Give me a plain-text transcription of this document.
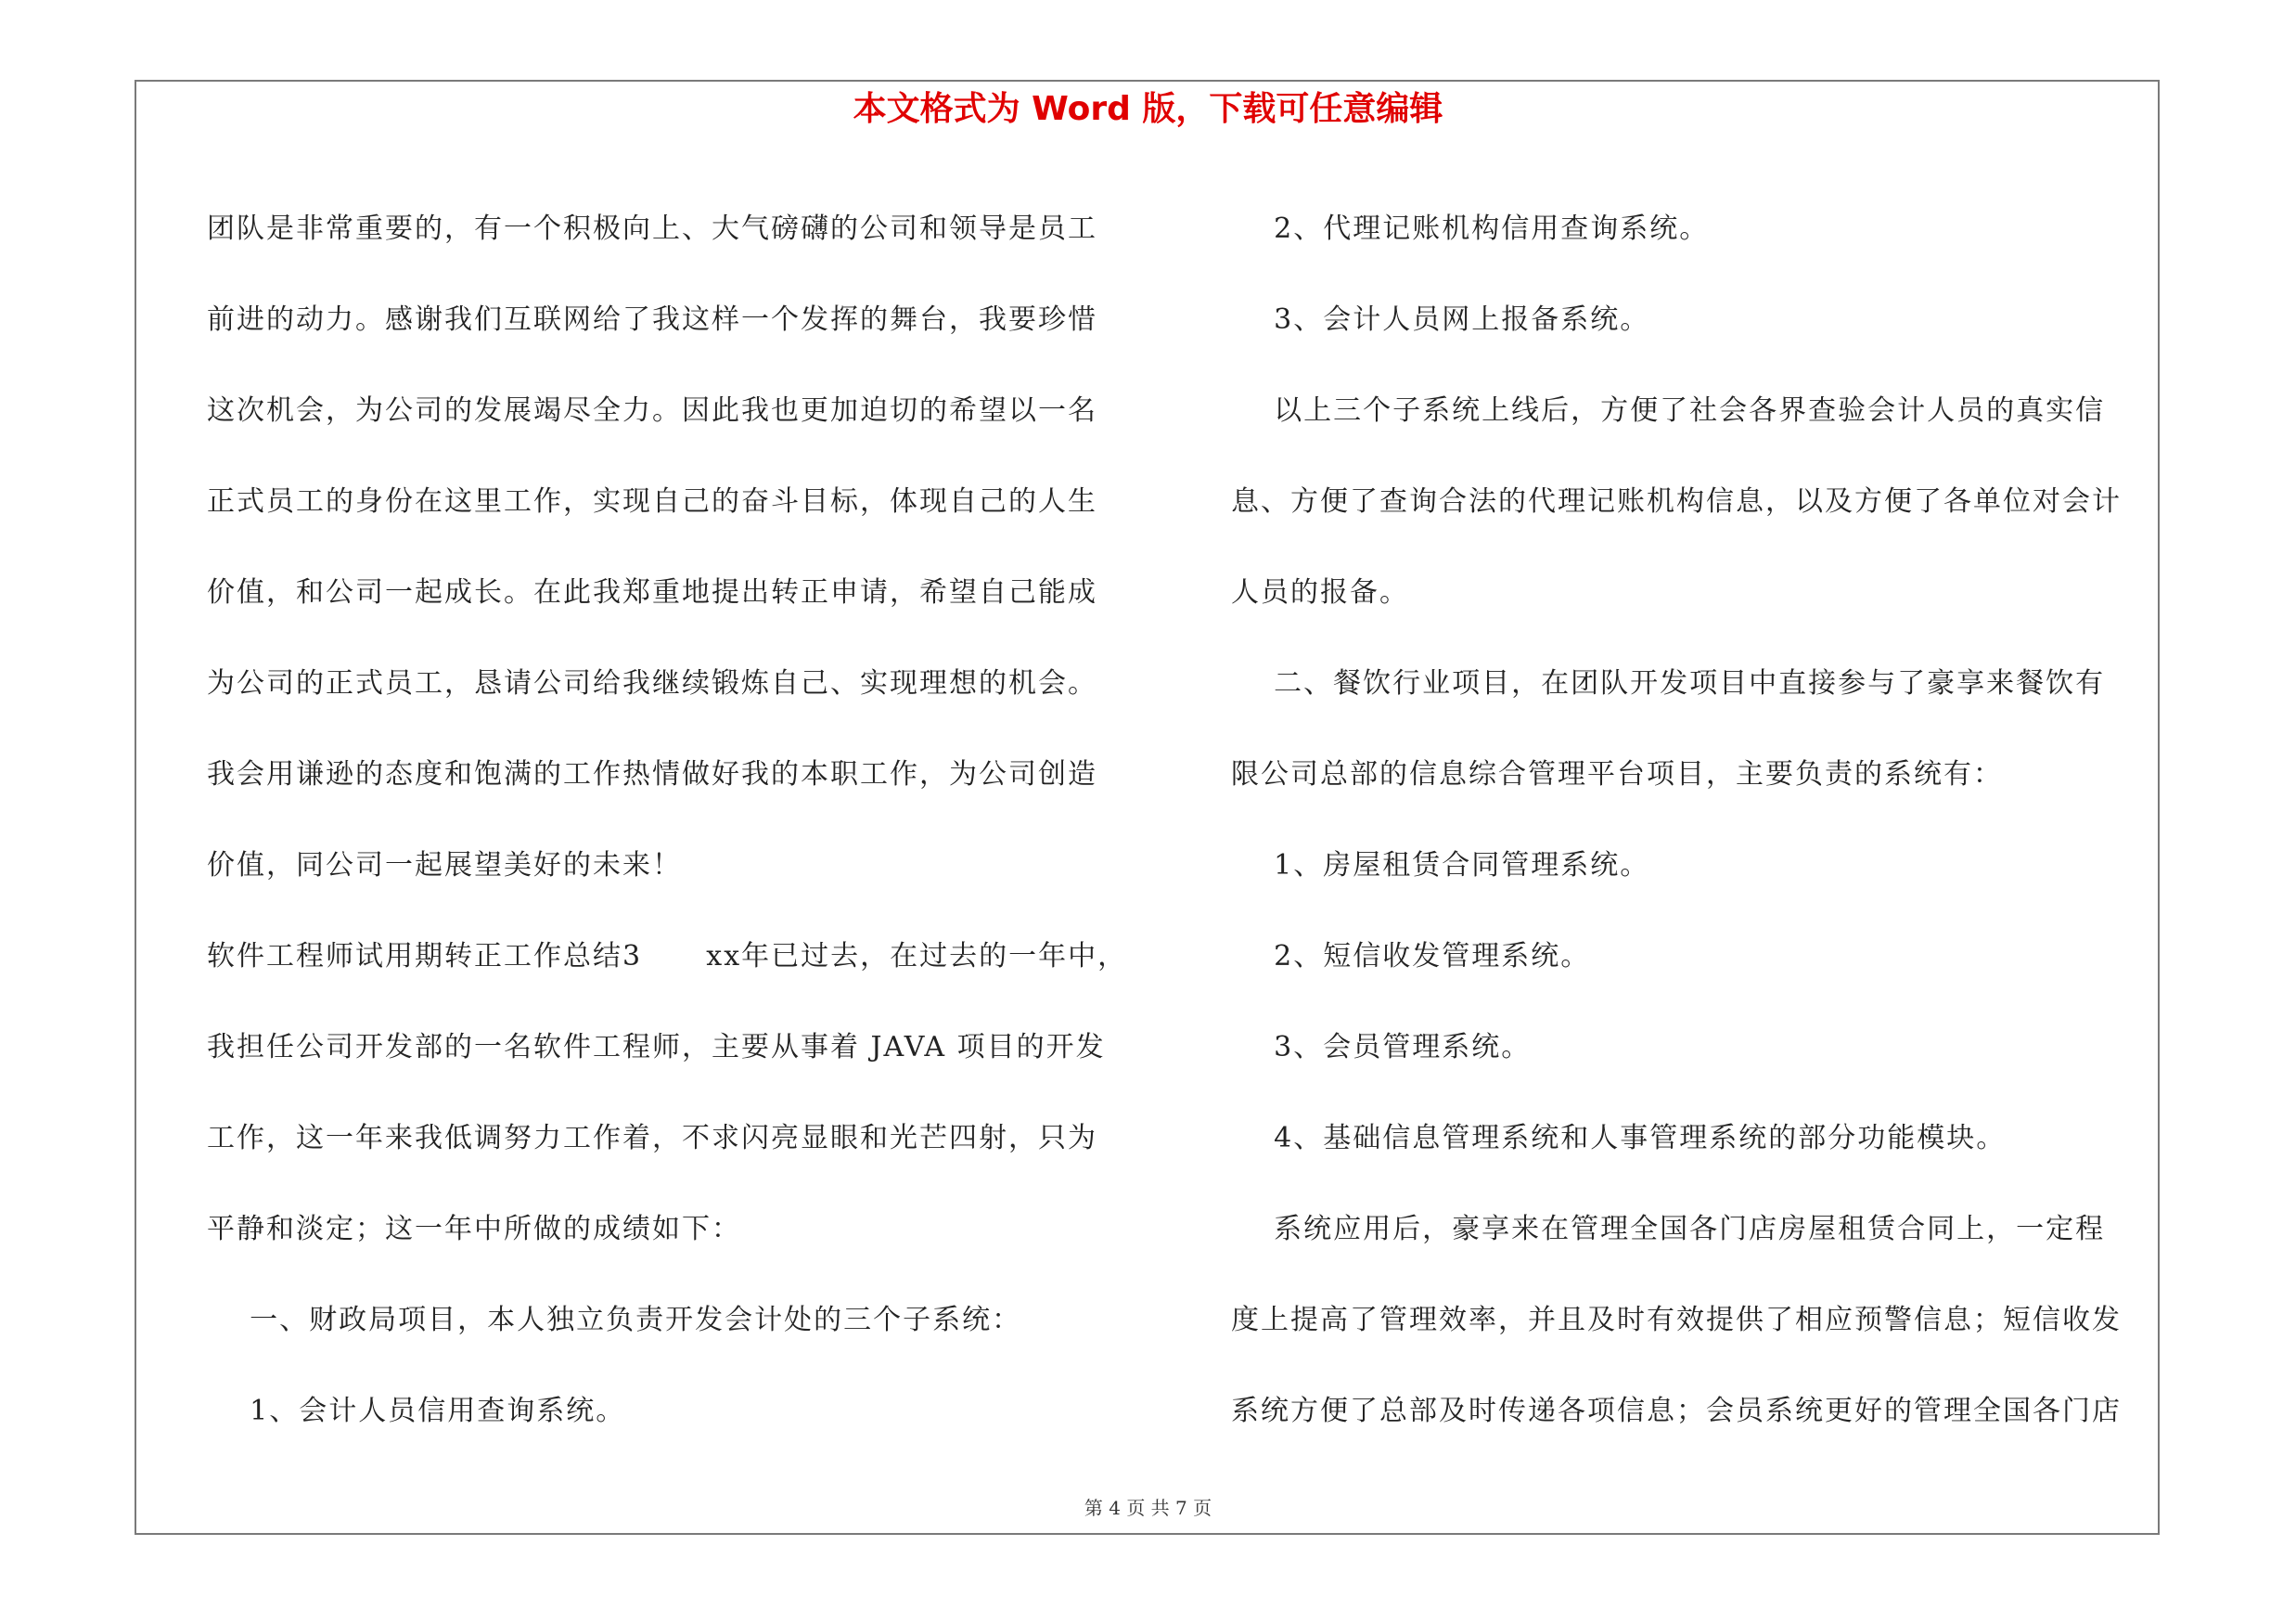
本文格式为 Word 版，下载可任意编辑
团队是非常重要的，有一个积极向上、大气磅礴的公司和领导是员工
前进的动力。感谢我们互联网给了我这样一个发挥的舞台，我要珍惜
这次机会，为公司的发展竭尽全力。因此我也更加迫切的希望以一名
正式员工的身份在这里工作，实现自己的奋斗目标，体现自己的人生
价值，和公司一起成长。在此我郑重地提出转正申请，希望自己能成
为公司的正式员工，恳请公司给我继续锻炼自己、实现理想的机会。
我会用谦逊的态度和饱满的工作热情做好我的本职工作，为公司创造
价值，同公司一起展望美好的未来！
软件工程师试用期转正工作总结3      xx年已过去，在过去的一年中，
我担任公司开发部的一名软件工程师，主要从事着 JAVA 项目的开发
工作，这一年来我低调努力工作着，不求闪亮显眼和光芒四射，只为
平静和淡定；这一年中所做的成绩如下：
一、财政局项目，本人独立负责开发会计处的三个子系统：
1、会计人员信用查询系统。
2、代理记账机构信用查询系统。
3、会计人员网上报备系统。
以上三个子系统上线后，方便了社会各界查验会计人员的真实信
息、方便了查询合法的代理记账机构信息，以及方便了各单位对会计
人员的报备。
二、餐饮行业项目，在团队开发项目中直接参与了豪享来餐饮有
限公司总部的信息综合管理平台项目，主要负责的系统有：
1、房屋租赁合同管理系统。
2、短信收发管理系统。
3、会员管理系统。
4、基础信息管理系统和人事管理系统的部分功能模块。
系统应用后，豪享来在管理全国各门店房屋租赁合同上，一定程
度上提高了管理效率，并且及时有效提供了相应预警信息；短信收发
系统方便了总部及时传递各项信息；会员系统更好的管理全国各门店
第 4 页 共 7 页
